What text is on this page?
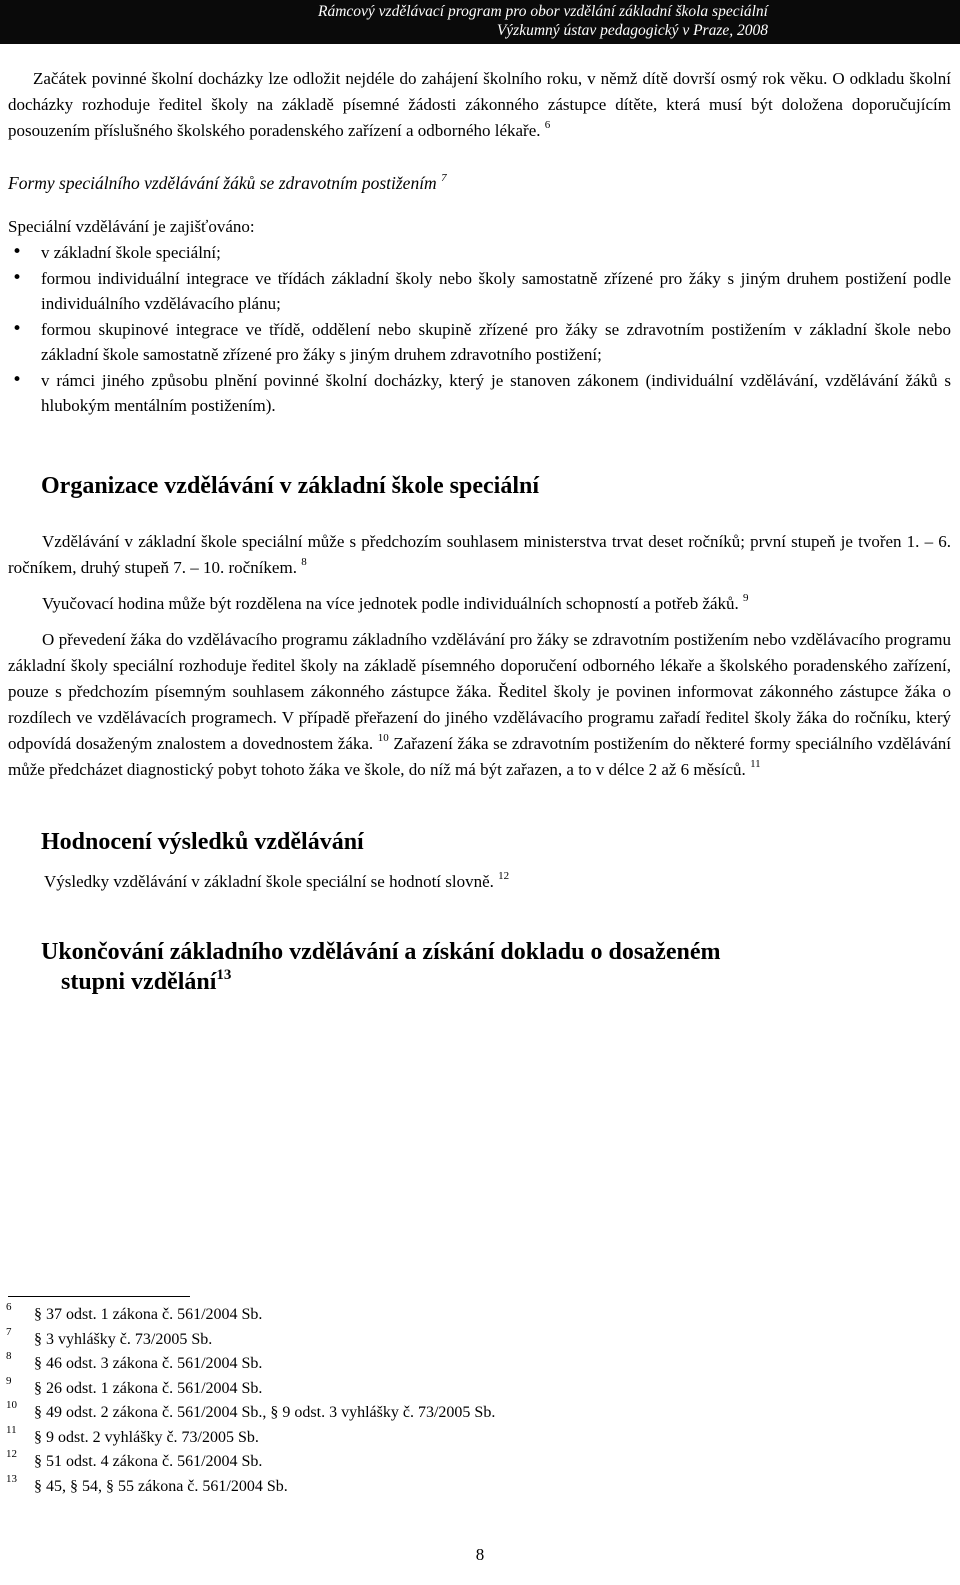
Rámcový vzdělávací program pro obor vzdělání základní škola speciální
Výzkumný ústav pedagogický v Praze, 2008

Začátek povinné školní docházky lze odložit nejdéle do zahájení školního roku, v němž dítě dovrší osmý rok věku. O odkladu školní docházky rozhoduje ředitel školy na základě písemné žádosti zákonného zástupce dítěte, která musí být doložena doporučujícím posouzením příslušného školského poradenského zařízení a odborného lékaře. $^6$

Formy speciálního vzdělávání žáků se zdravotním postižením $^7$

Speciální vzdělávání je zajišťováno:

• v základní škole speciální;
• formou individuální integrace ve třídách základní školy nebo školy samostatně zřízené pro žáky s jiným druhem postižení podle individuálního vzdělávacího plánu;
• formou skupinové integrace ve třídě, oddělení nebo skupině zřízené pro žáky se zdravotním postižením v základní škole nebo základní škole samostatně zřízené pro žáky s jiným druhem zdravotního postižení;
• v rámci jiného způsobu plnění povinné školní docházky, který je stanoven zákonem (individuální vzdělávání, vzdělávání žáků s hlubokým mentálním postižením).
Organizace vzdělávání v základní škole speciální

Vzdělávání v základní škole speciální může s předchozím souhlasem ministerstva trvat deset ročníků; první stupeň je tvořen 1. – 6. ročníkem, druhý stupeň 7. – 10. ročníkem. $^8$

Vyučovací hodina může být rozdělena na více jednotek podle individuálních schopností a potřeb žáků. $^9$

O převedení žáka do vzdělávacího programu základního vzdělávání pro žáky se zdravotním postižením nebo vzdělávacího programu základní školy speciální rozhoduje ředitel školy na základě písemného doporučení odborného lékaře a školského poradenského zařízení, pouze s předchozím písemným souhlasem zákonného zástupce žáka. Ředitel školy je povinen informovat zákonného zástupce žáka o rozdílech ve vzdělávacích programech. V případě přeřazení do jiného vzdělávacího programu zařadí ředitel školy žáka do ročníku, který odpovídá dosaženým znalostem a dovednostem žáka. $^{10}$ Zařazení žáka se zdravotním postižením do některé formy speciálního vzdělávání může předcházet diagnostický pobyt tohoto žáka ve škole, do níž má být zařazen, a to v délce 2 až 6 měsíců. $^{11}$

Hodnocení výsledků vzdělávání

Výsledky vzdělávání v základní škole speciální se hodnotí slovně. $^{12}$

Ukončování základního vzdělávání a získání dokladu o dosaženém
stupni vzdělání$^{13}$
6 § 37 odst. 1 zákona č. 561/2004 Sb.
7 § 3 vyhlášky č. 73/2005 Sb.
8 § 46 odst. 3 zákona č. 561/2004 Sb.
9 § 26 odst. 1 zákona č. 561/2004 Sb.
10 § 49 odst. 2 zákona č. 561/2004 Sb., § 9 odst. 3 vyhlášky č. 73/2005 Sb.
11 § 9 odst. 2 vyhlášky č. 73/2005 Sb.
12 § 51 odst. 4 zákona č. 561/2004 Sb.
13 § 45, § 54, § 55 zákona č. 561/2004 Sb.
8
